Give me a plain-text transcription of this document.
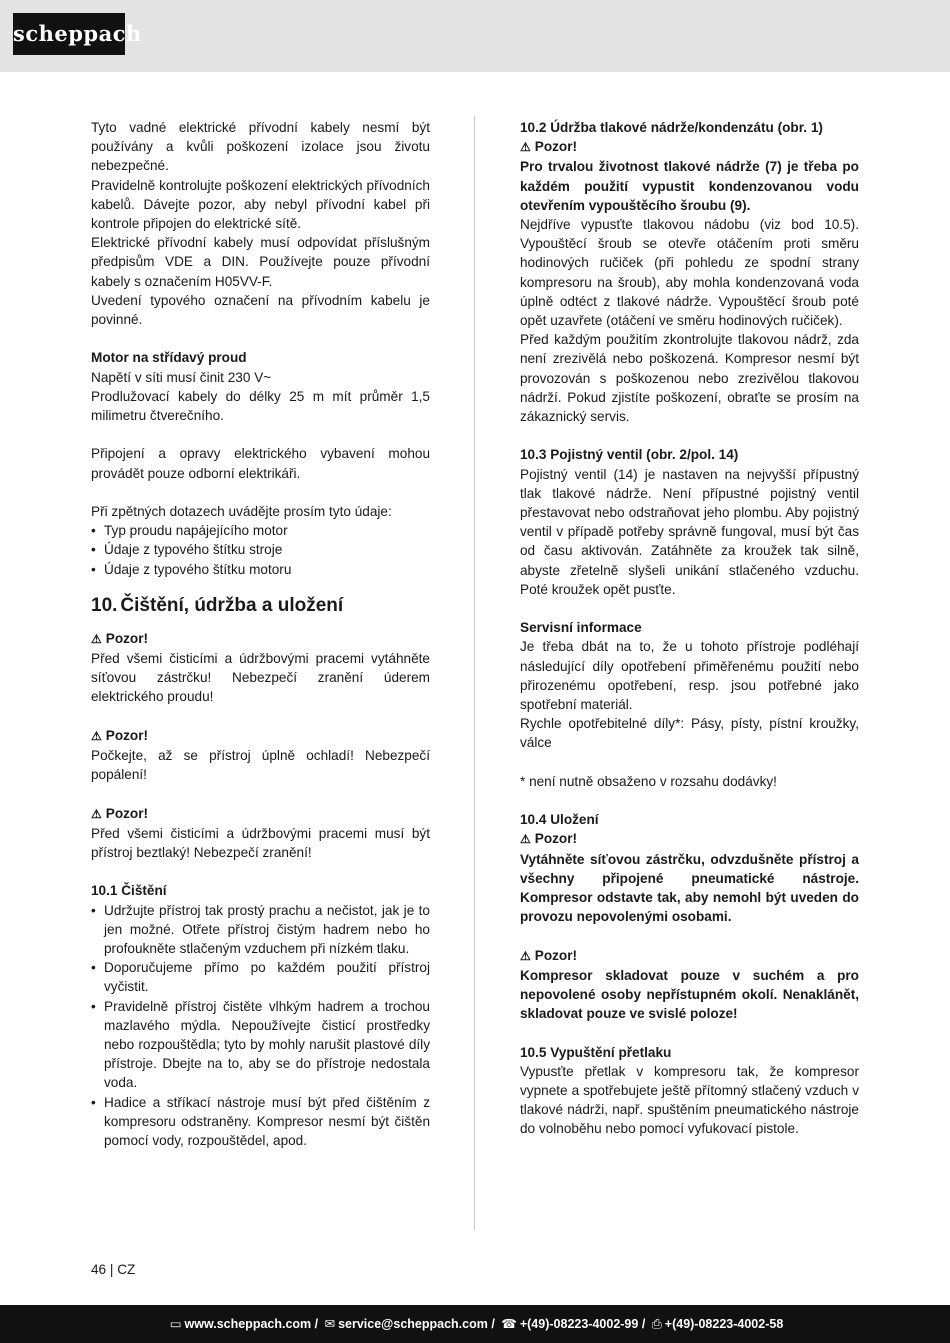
scheppach

Tyto vadné elektrické přívodní kabely nesmí být používány a kvůli poškození izolace jsou životu nebezpečné.

Pravidelně kontrolujte poškození elektrických přívodních kabelů. Dávejte pozor, aby nebyl přívodní kabel při kontrole připojen do elektrické sítě.

Elektrické přívodní kabely musí odpovídat příslušným předpisům VDE a DIN. Používejte pouze přívodní kabely s označením H05VV-F.

Uvedení typového označení na přívodním kabelu je povinné.

Motor na střídavý proud

Napětí v síti musí činit 230 V~

Prodlužovací kabely do délky 25 m mít průměr 1,5 milimetru čtverečního.

Připojení a opravy elektrického vybavení mohou provádět pouze odborní elektrikáři.

Při zpětných dotazech uvádějte prosím tyto údaje:

• Typ proudu napájejícího motor
• Údaje z typového štítku stroje
• Údaje z typového štítku motoru
10. Čištění, údržba a uložení

⚠ Pozor!

Před všemi čisticími a údržbovými pracemi vytáhněte síťovou zástrčku! Nebezpečí zranění úderem elektrického proudu!

⚠ Pozor!

Počkejte, až se přístroj úplně ochladí! Nebezpečí popálení!

⚠ Pozor!

Před všemi čisticími a údržbovými pracemi musí být přístroj beztlaký! Nebezpečí zranění!

10.1 Čištění

• Udržujte přístroj tak prostý prachu a nečistot, jak je to jen možné. Otřete přístroj čistým hadrem nebo ho profoukněte stlačeným vzduchem při nízkém tlaku.
• Doporučujeme přímo po každém použití přístroj vyčistit.
• Pravidelně přístroj čistěte vlhkým hadrem a trochou mazlavého mýdla. Nepoužívejte čisticí prostředky nebo rozpouštědla; tyto by mohly narušit plastové díly přístroje. Dbejte na to, aby se do přístroje nedostala voda.
• Hadice a stříkací nástroje musí být před čištěním z kompresoru odstraněny. Kompresor nesmí být čištěn pomocí vody, rozpouštědel, apod.

10.2 Údržba tlakové nádrže/kondenzátu (obr. 1)

⚠ Pozor!

Pro trvalou životnost tlakové nádrže (7) je třeba po každém použití vypustit kondenzovanou vodu otevřením vypouštěcího šroubu (9).

Nejdříve vypusťte tlakovou nádobu (viz bod 10.5). Vypouštěcí šroub se otevře otáčením proti směru hodinových ručiček (při pohledu ze spodní strany kompresoru na šroub), aby mohla kondenzovaná voda úplně odtéct z tlakové nádrže. Vypouštěcí šroub poté opět uzavřete (otáčení ve směru hodinových ručiček).

Před každým použitím zkontrolujte tlakovou nádrž, zda není zrezivělá nebo poškozená. Kompresor nesmí být provozován s poškozenou nebo zrezivělou tlakovou nádrží. Pokud zjistíte poškození, obraťte se prosím na zákaznický servis.

10.3 Pojistný ventil (obr. 2/pol. 14)

Pojistný ventil (14) je nastaven na nejvyšší přípustný tlak tlakové nádrže. Není přípustné pojistný ventil přestavovat nebo odstraňovat jeho plombu. Aby pojistný ventil v případě potřeby správně fungoval, musí být čas od času aktivován. Zatáhněte za kroužek tak silně, abyste zřetelně slyšeli unikání stlačeného vzduchu. Poté kroužek opět pusťte.

Servisní informace

Je třeba dbát na to, že u tohoto přístroje podléhají následující díly opotřebení přiměřenému použití nebo přirozenému opotřebení, resp. jsou potřebné jako spotřební materiál.

Rychle opotřebitelné díly*: Pásy, písty, pístní kroužky, válce

* není nutně obsaženo v rozsahu dodávky!

10.4 Uložení

⚠ Pozor!

Vytáhněte síťovou zástrčku, odvzdušněte přístroj a všechny připojené pneumatické nástroje. Kompresor odstavte tak, aby nemohl být uveden do provozu nepovolenými osobami.

⚠ Pozor!

Kompresor skladovat pouze v suchém a pro nepovolené osoby nepřístupném okolí. Nenaklánět, skladovat pouze ve svislé poloze!

10.5 Vypuštění přetlaku

Vypusťte přetlak v kompresoru tak, že kompresor vypnete a spotřebujete ještě přítomný stlačený vzduch v tlakové nádrži, např. spuštěním pneumatického nástroje do volnoběhu nebo pomocí vyfukovací pistole.

46 | CZ
▭ www.scheppach.com / ✉ service@scheppach.com / ☎ +(49)-08223-4002-99 / ⎙ +(49)-08223-4002-58
